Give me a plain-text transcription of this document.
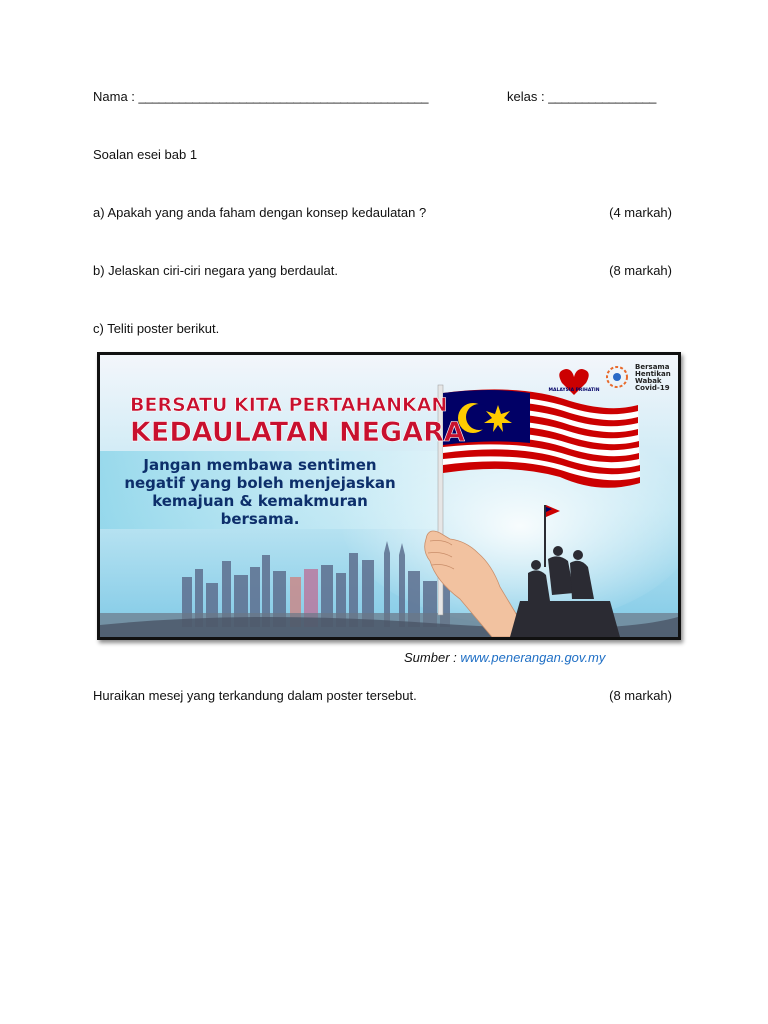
Nama : ___________________________________________	kelas : ________________
Soalan esei bab 1
a) Apakah yang anda faham dengan konsep kedaulatan ?	(4 markah)
b) Jelaskan ciri-ciri negara yang berdaulat.	(8 markah)
c) Teliti poster berikut.
MALAYSIA PRIHATIN
Bersama
Hentikan
Wabak
Covid-19
BERSATU KITA PERTAHANKAN
KEDAULATAN NEGARA
Jangan membawa sentimen
negatif yang boleh menjejaskan
kemajuan & kemakmuran
bersama.
Sumber : www.penerangan.gov.my
Huraikan mesej yang terkandung dalam poster tersebut.	(8 markah)
